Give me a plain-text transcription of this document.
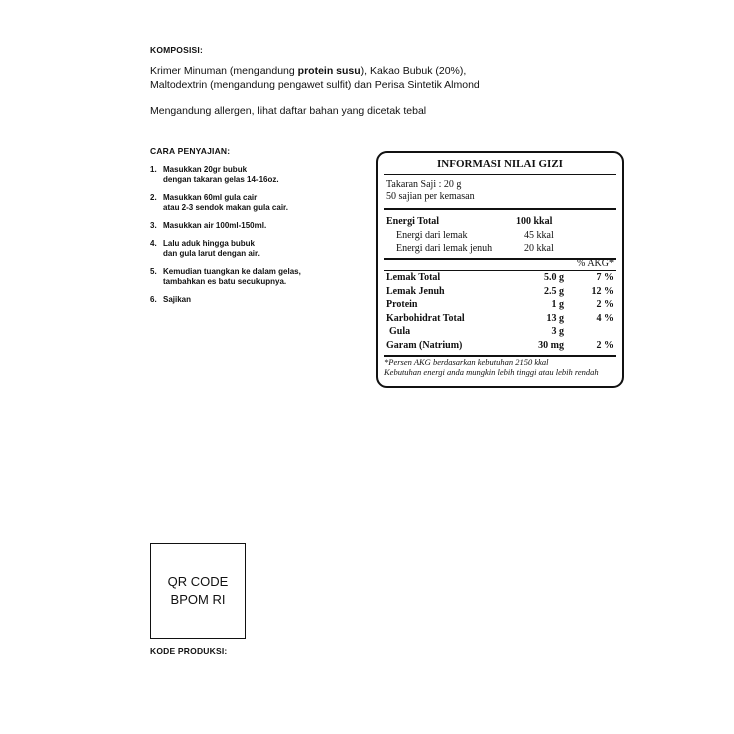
KOMPOSISI:
Krimer Minuman (mengandung protein susu), Kakao Bubuk (20%),
Maltodextrin (mengandung pengawet sulfit) dan Perisa Sintetik Almond
Mengandung allergen, lihat daftar bahan yang dicetak tebal
CARA PENYAJIAN:
1. Masukkan 20gr bubuk
dengan takaran gelas 14-16oz.
2. Masukkan 60ml gula cair
atau 2-3 sendok makan gula cair.
3. Masukkan air 100ml-150ml.
4. Lalu aduk hingga bubuk
dan gula larut dengan air.
5. Kemudian tuangkan ke dalam gelas,
tambahkan es batu secukupnya.
6. Sajikan
INFORMASI NILAI GIZI
Takaran Saji : 20 g
50 sajian per kemasan
Energi Total	100 kkal
Energi dari lemak	45 kkal
Energi dari lemak jenuh	20 kkal
% AKG*
Lemak Total	5.0 g	7 %
Lemak Jenuh	2.5 g	12 %
Protein	1 g	2 %
Karbohidrat Total	13 g	4 %
Gula	3 g
Garam (Natrium)	30 mg	2 %
*Persen AKG berdasarkan kebutuhan 2150 kkal
Kebutuhan energi anda mungkin lebih tinggi atau lebih rendah
QR CODE
BPOM RI
KODE PRODUKSI:
